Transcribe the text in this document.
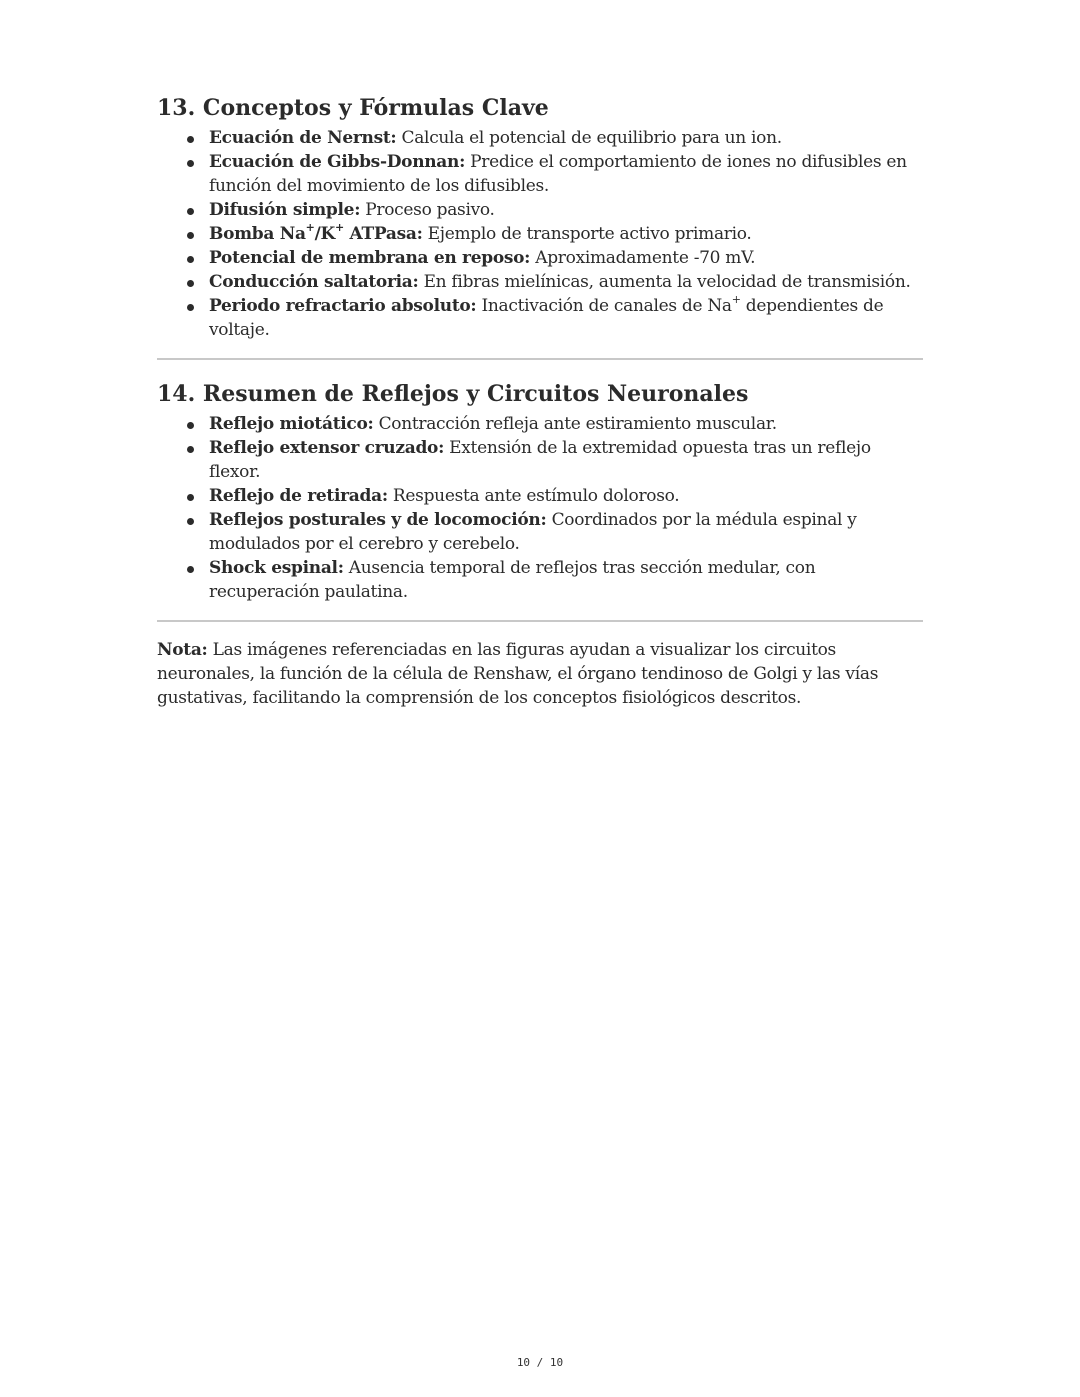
13. Conceptos y Fórmulas Clave
Ecuación de Nernst: Calcula el potencial de equilibrio para un ion.
Ecuación de Gibbs-Donnan: Predice el comportamiento de iones no difusibles en función del movimiento de los difusibles.
Difusión simple: Proceso pasivo.
Bomba Na+/K+ ATPasa: Ejemplo de transporte activo primario.
Potencial de membrana en reposo: Aproximadamente -70 mV.
Conducción saltatoria: En fibras mielínicas, aumenta la velocidad de transmisión.
Periodo refractario absoluto: Inactivación de canales de Na+ dependientes de voltaje.
14. Resumen de Reflejos y Circuitos Neuronales
Reflejo miotático: Contracción refleja ante estiramiento muscular.
Reflejo extensor cruzado: Extensión de la extremidad opuesta tras un reflejo flexor.
Reflejo de retirada: Respuesta ante estímulo doloroso.
Reflejos posturales y de locomoción: Coordinados por la médula espinal y modulados por el cerebro y cerebelo.
Shock espinal: Ausencia temporal de reflejos tras sección medular, con recuperación paulatina.

Nota: Las imágenes referenciadas en las figuras ayudan a visualizar los circuitos neuronales, la función de la célula de Renshaw, el órgano tendinoso de Golgi y las vías gustativas, facilitando la comprensión de los conceptos fisiológicos descritos.

10 / 10
